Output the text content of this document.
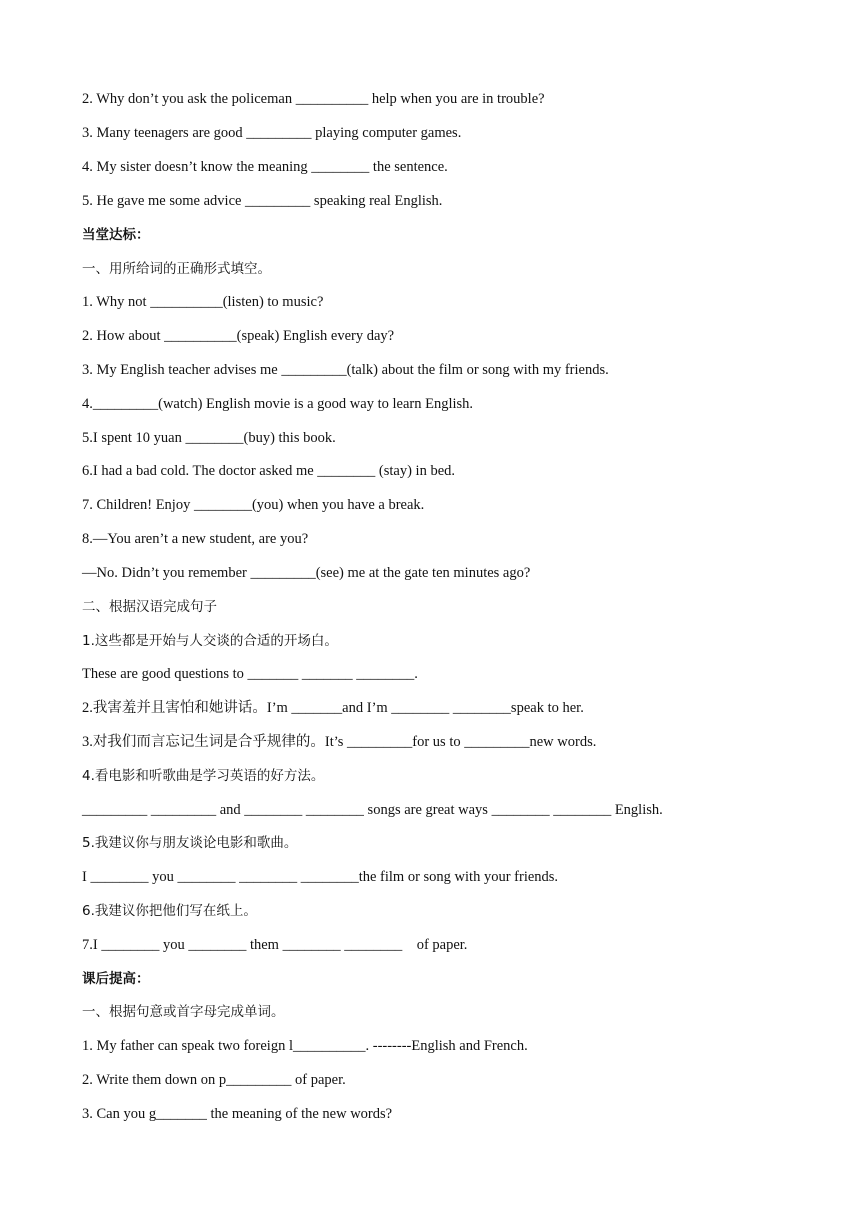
2. Why don’t you ask the policeman __________ help when you are in trouble?

3. Many teenagers are good _________ playing computer games.

4. My sister doesn’t know the meaning ________ the sentence.

5. He gave me some advice _________ speaking real English.

当堂达标：

一、用所给词的正确形式填空。

1. Why not __________(listen) to music?

2. How about __________(speak) English every day?

3. My English teacher advises me _________(talk) about the film or song with my friends.

4._________(watch) English movie is a good way to learn English.

5.I spent 10 yuan ________(buy) this book.

6.I had a bad cold. The doctor asked me ________ (stay) in bed.

7. Children! Enjoy ________(you) when you have a break.

8.—You aren’t a new student, are you?

—No. Didn’t you remember _________(see) me at the gate ten minutes ago?

二、根据汉语完成句子

1.这些都是开始与人交谈的合适的开场白。

These are good questions to _______ _______ ________.

2.我害羞并且害怕和她讲话。I’m _______and I’m ________ ________speak to her.

3.对我们而言忘记生词是合乎规律的。It’s _________for us to _________new words.

4.看电影和听歌曲是学习英语的好方法。

_________ _________ and ________ ________ songs are great ways ________ ________ English.

5.我建议你与朋友谈论电影和歌曲。

I ________ you ________ ________ ________the film or song with your friends.

6.我建议你把他们写在纸上。

7.I ________ you ________ them ________ ________    of paper.

课后提高：

一、根据句意或首字母完成单词。

1. My father can speak two foreign l__________. --------English and French.

2. Write them down on p_________ of paper.

3. Can you g_______ the meaning of the new words?
